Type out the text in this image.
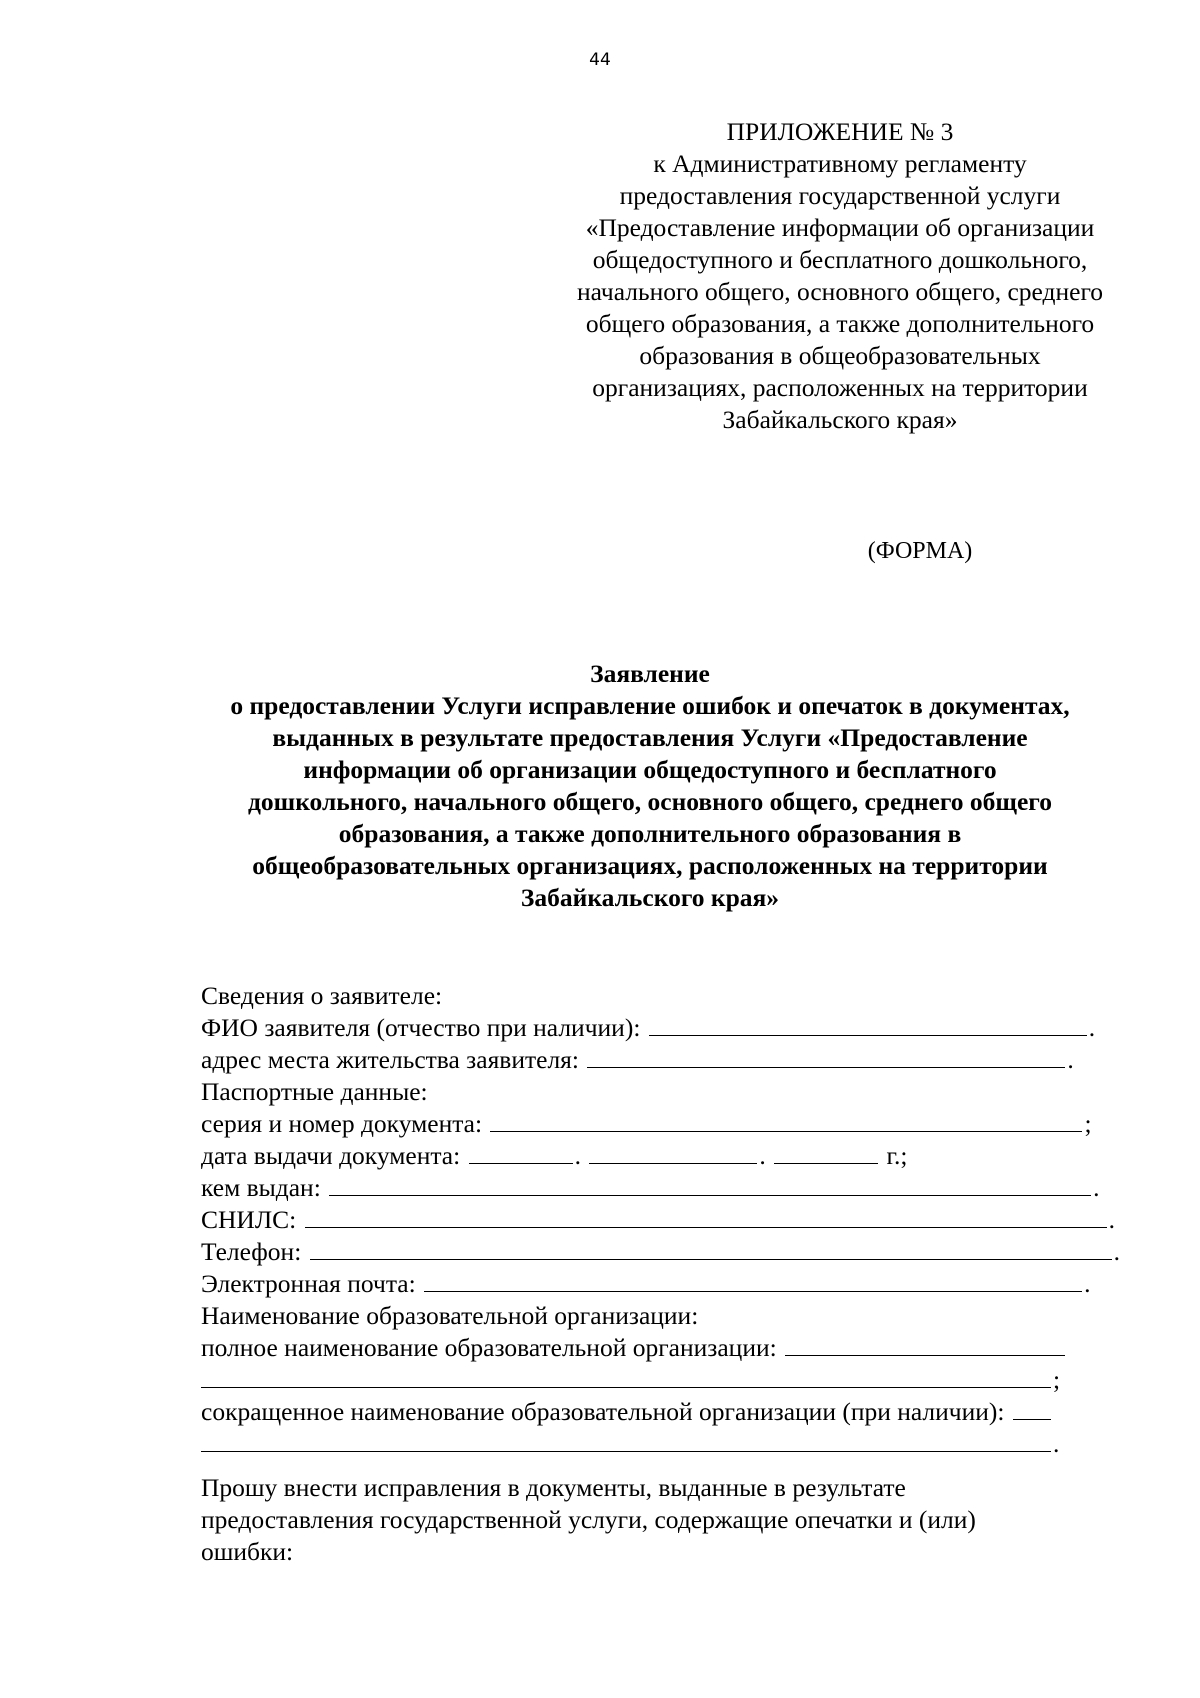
44
ПРИЛОЖЕНИЕ № 3
к Административному регламенту
предоставления государственной услуги
«Предоставление информации об организации
общедоступного и бесплатного дошкольного,
начального общего, основного общего, среднего
общего образования, а также дополнительного
образования в общеобразовательных
организациях, расположенных на территории
Забайкальского края»
(ФОРМА)
Заявление
о предоставлении Услуги исправление ошибок и опечаток в документах,
выданных в результате предоставления Услуги «Предоставление
информации об организации общедоступного и бесплатного
дошкольного, начального общего, основного общего, среднего общего
образования, а также дополнительного образования в
общеобразовательных организациях, расположенных на территории
Забайкальского края»
Сведения о заявителе:
ФИО заявителя (отчество при наличии):	.
адрес места жительства заявителя:	.
Паспортные данные:
серия и номер документа:	;
дата выдачи документа:	.	.	г.;
кем выдан:	.
СНИЛС:	.
Телефон:	.
Электронная почта:	.
Наименование образовательной организации:
полное наименование образовательной организации:
;
сокращенное наименование образовательной организации (при наличии):
.
Прошу внести исправления в документы, выданные в результате
предоставления государственной услуги, содержащие опечатки и (или)
ошибки:
